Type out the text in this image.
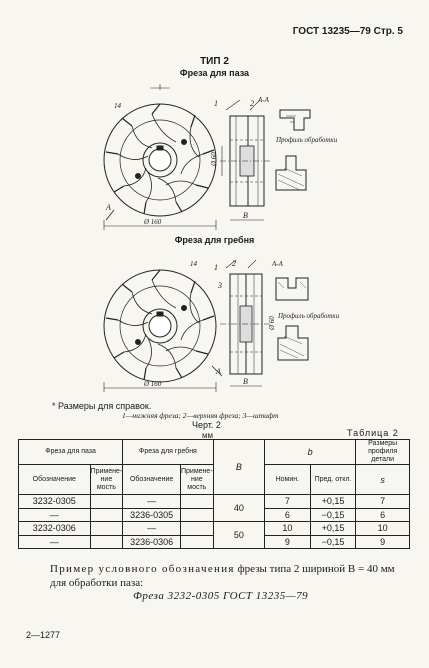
ГОСТ 13235—79 Стр. 5
ТИП 2
Фреза для паза
14	1	2 А-А
А
Ø 160
Ø 60
В
Профиль обработки
Фреза для гребня
14 1 2
3
А-А
А
Ø 160
Ø 60
В
Профиль обработки
* Размеры для справок.
1—нижняя фреза; 2—верхняя фреза; 3—штифт
Черт. 2
мм	Таблица 2
Фреза для паза		Фреза для гребня		B	b		Размеры профиля детали
Обозначение	Применение мость	Обозначение	Применение мость		Номин.	Пред. откл.	s
3232-0305		—		40	7	+0,15	7
—		3236-0305			6	−0,15	6
3232-0306		—		50	10	+0,15	10
—		3236-0306			9	−0,15	9
Пример условного обозначения фрезы типа 2 шириной B = 40 мм для обработки паза:
Фреза 3232-0305 ГОСТ 13235—79
2—1277
